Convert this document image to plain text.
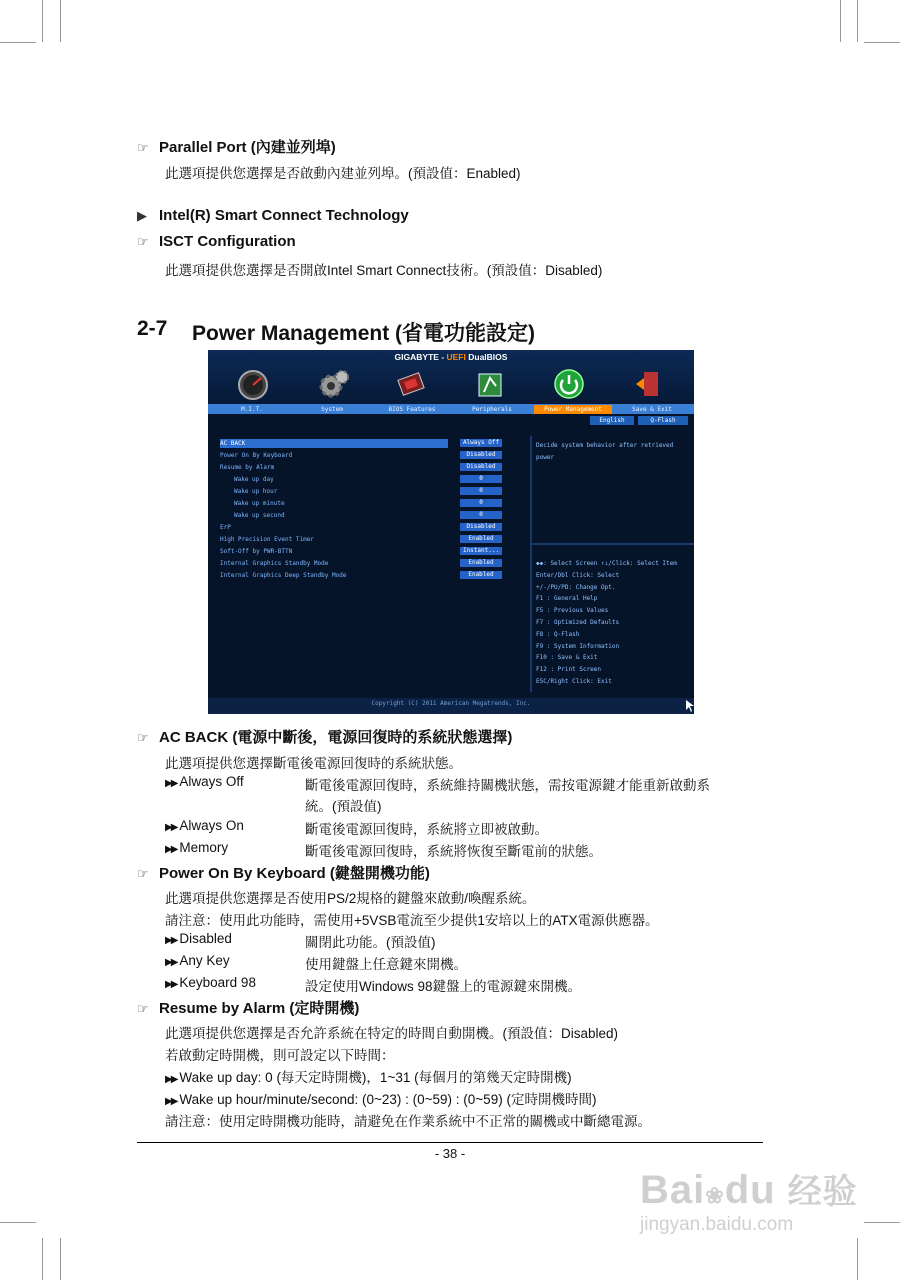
☞ Parallel Port (內建並列埠)
此選項提供您選擇是否啟動內建並列埠。(預設值：Enabled)
▶ Intel(R) Smart Connect Technology
☞ ISCT Configuration
此選項提供您選擇是否開啟Intel Smart Connect技術。(預設值：Disabled)
2-7 Power Management (省電功能設定)
GIGABYTE - UEFI DualBIOS
M.I.T.	System	BIOS Features	Peripherals	Power Management	Save & Exit
English	Q-Flash
AC BACK	Always Off
Power On By Keyboard	Disabled
Resume by Alarm	Disabled
Wake up day	0
Wake up hour	0
Wake up minute	0
Wake up second	0
ErP	Disabled
High Precision Event Timer	Enabled
Soft-Off by PWR-BTTN	Instant...
Internal Graphics Standby Mode	Enabled
Internal Graphics Deep Standby Mode	Enabled
Decide system behavior after retrieved power
◆◆: Select Screen ↑↓/Click: Select Item
Enter/Dbl Click: Select
+/-/PU/PD: Change Opt.
F1 : General Help
F5 : Previous Values
F7 : Optimized Defaults
F8 : Q-Flash
F9 : System Information
F10 : Save & Exit
F12 : Print Screen
ESC/Right Click: Exit
Copyright (C) 2011 American Megatrends, Inc.
☞ AC BACK (電源中斷後，電源回復時的系統狀態選擇)
此選項提供您選擇斷電後電源回復時的系統狀態。
▶▶ Always Off	斷電後電源回復時，系統維持關機狀態，需按電源鍵才能重新啟動系
統。(預設值)
▶▶ Always On	斷電後電源回復時，系統將立即被啟動。
▶▶ Memory	斷電後電源回復時，系統將恢復至斷電前的狀態。
☞ Power On By Keyboard (鍵盤開機功能)
此選項提供您選擇是否使用PS/2規格的鍵盤來啟動/喚醒系統。
請注意：使用此功能時，需使用+5VSB電流至少提供1安培以上的ATX電源供應器。
▶▶ Disabled	關閉此功能。(預設值)
▶▶ Any Key	使用鍵盤上任意鍵來開機。
▶▶ Keyboard 98	設定使用Windows 98鍵盤上的電源鍵來開機。
☞ Resume by Alarm (定時開機)
此選項提供您選擇是否允許系統在特定的時間自動開機。(預設值：Disabled)
若啟動定時開機，則可設定以下時間：
▶▶ Wake up day: 0 (每天定時開機)，1~31 (每個月的第幾天定時開機)
▶▶ Wake up hour/minute/second: (0~23) : (0~59) : (0~59) (定時開機時間)
請注意：使用定時開機功能時，請避免在作業系統中不正常的關機或中斷總電源。
- 38 -
Bai❀du 经验
jingyan.baidu.com
